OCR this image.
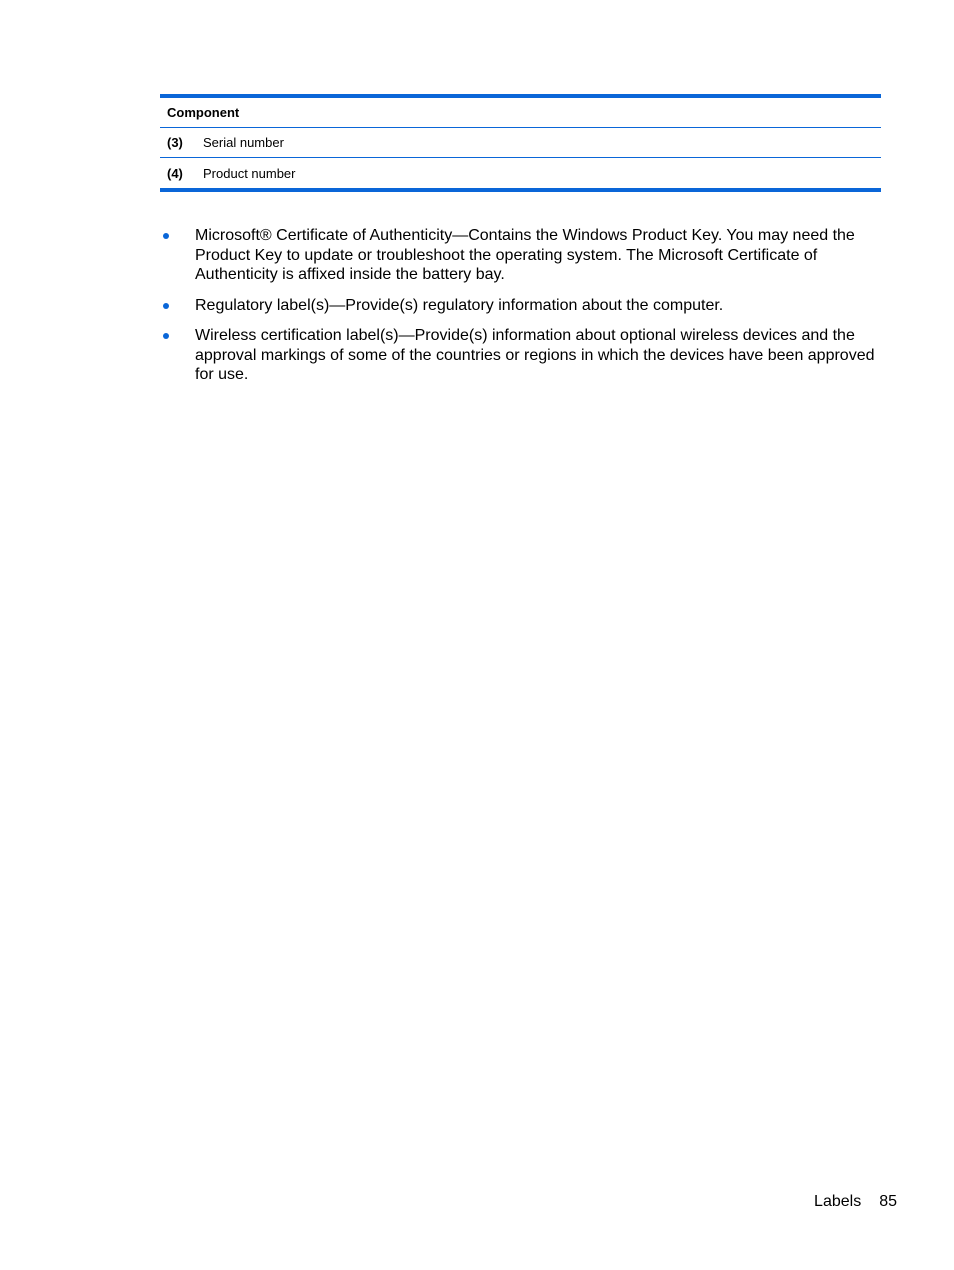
Component
(3)	Serial number
(4)	Product number
Microsoft® Certificate of Authenticity—Contains the Windows Product Key. You may need the Product Key to update or troubleshoot the operating system. The Microsoft Certificate of Authenticity is affixed inside the battery bay.
Regulatory label(s)—Provide(s) regulatory information about the computer.
Wireless certification label(s)—Provide(s) information about optional wireless devices and the approval markings of some of the countries or regions in which the devices have been approved for use.
Labels 85
